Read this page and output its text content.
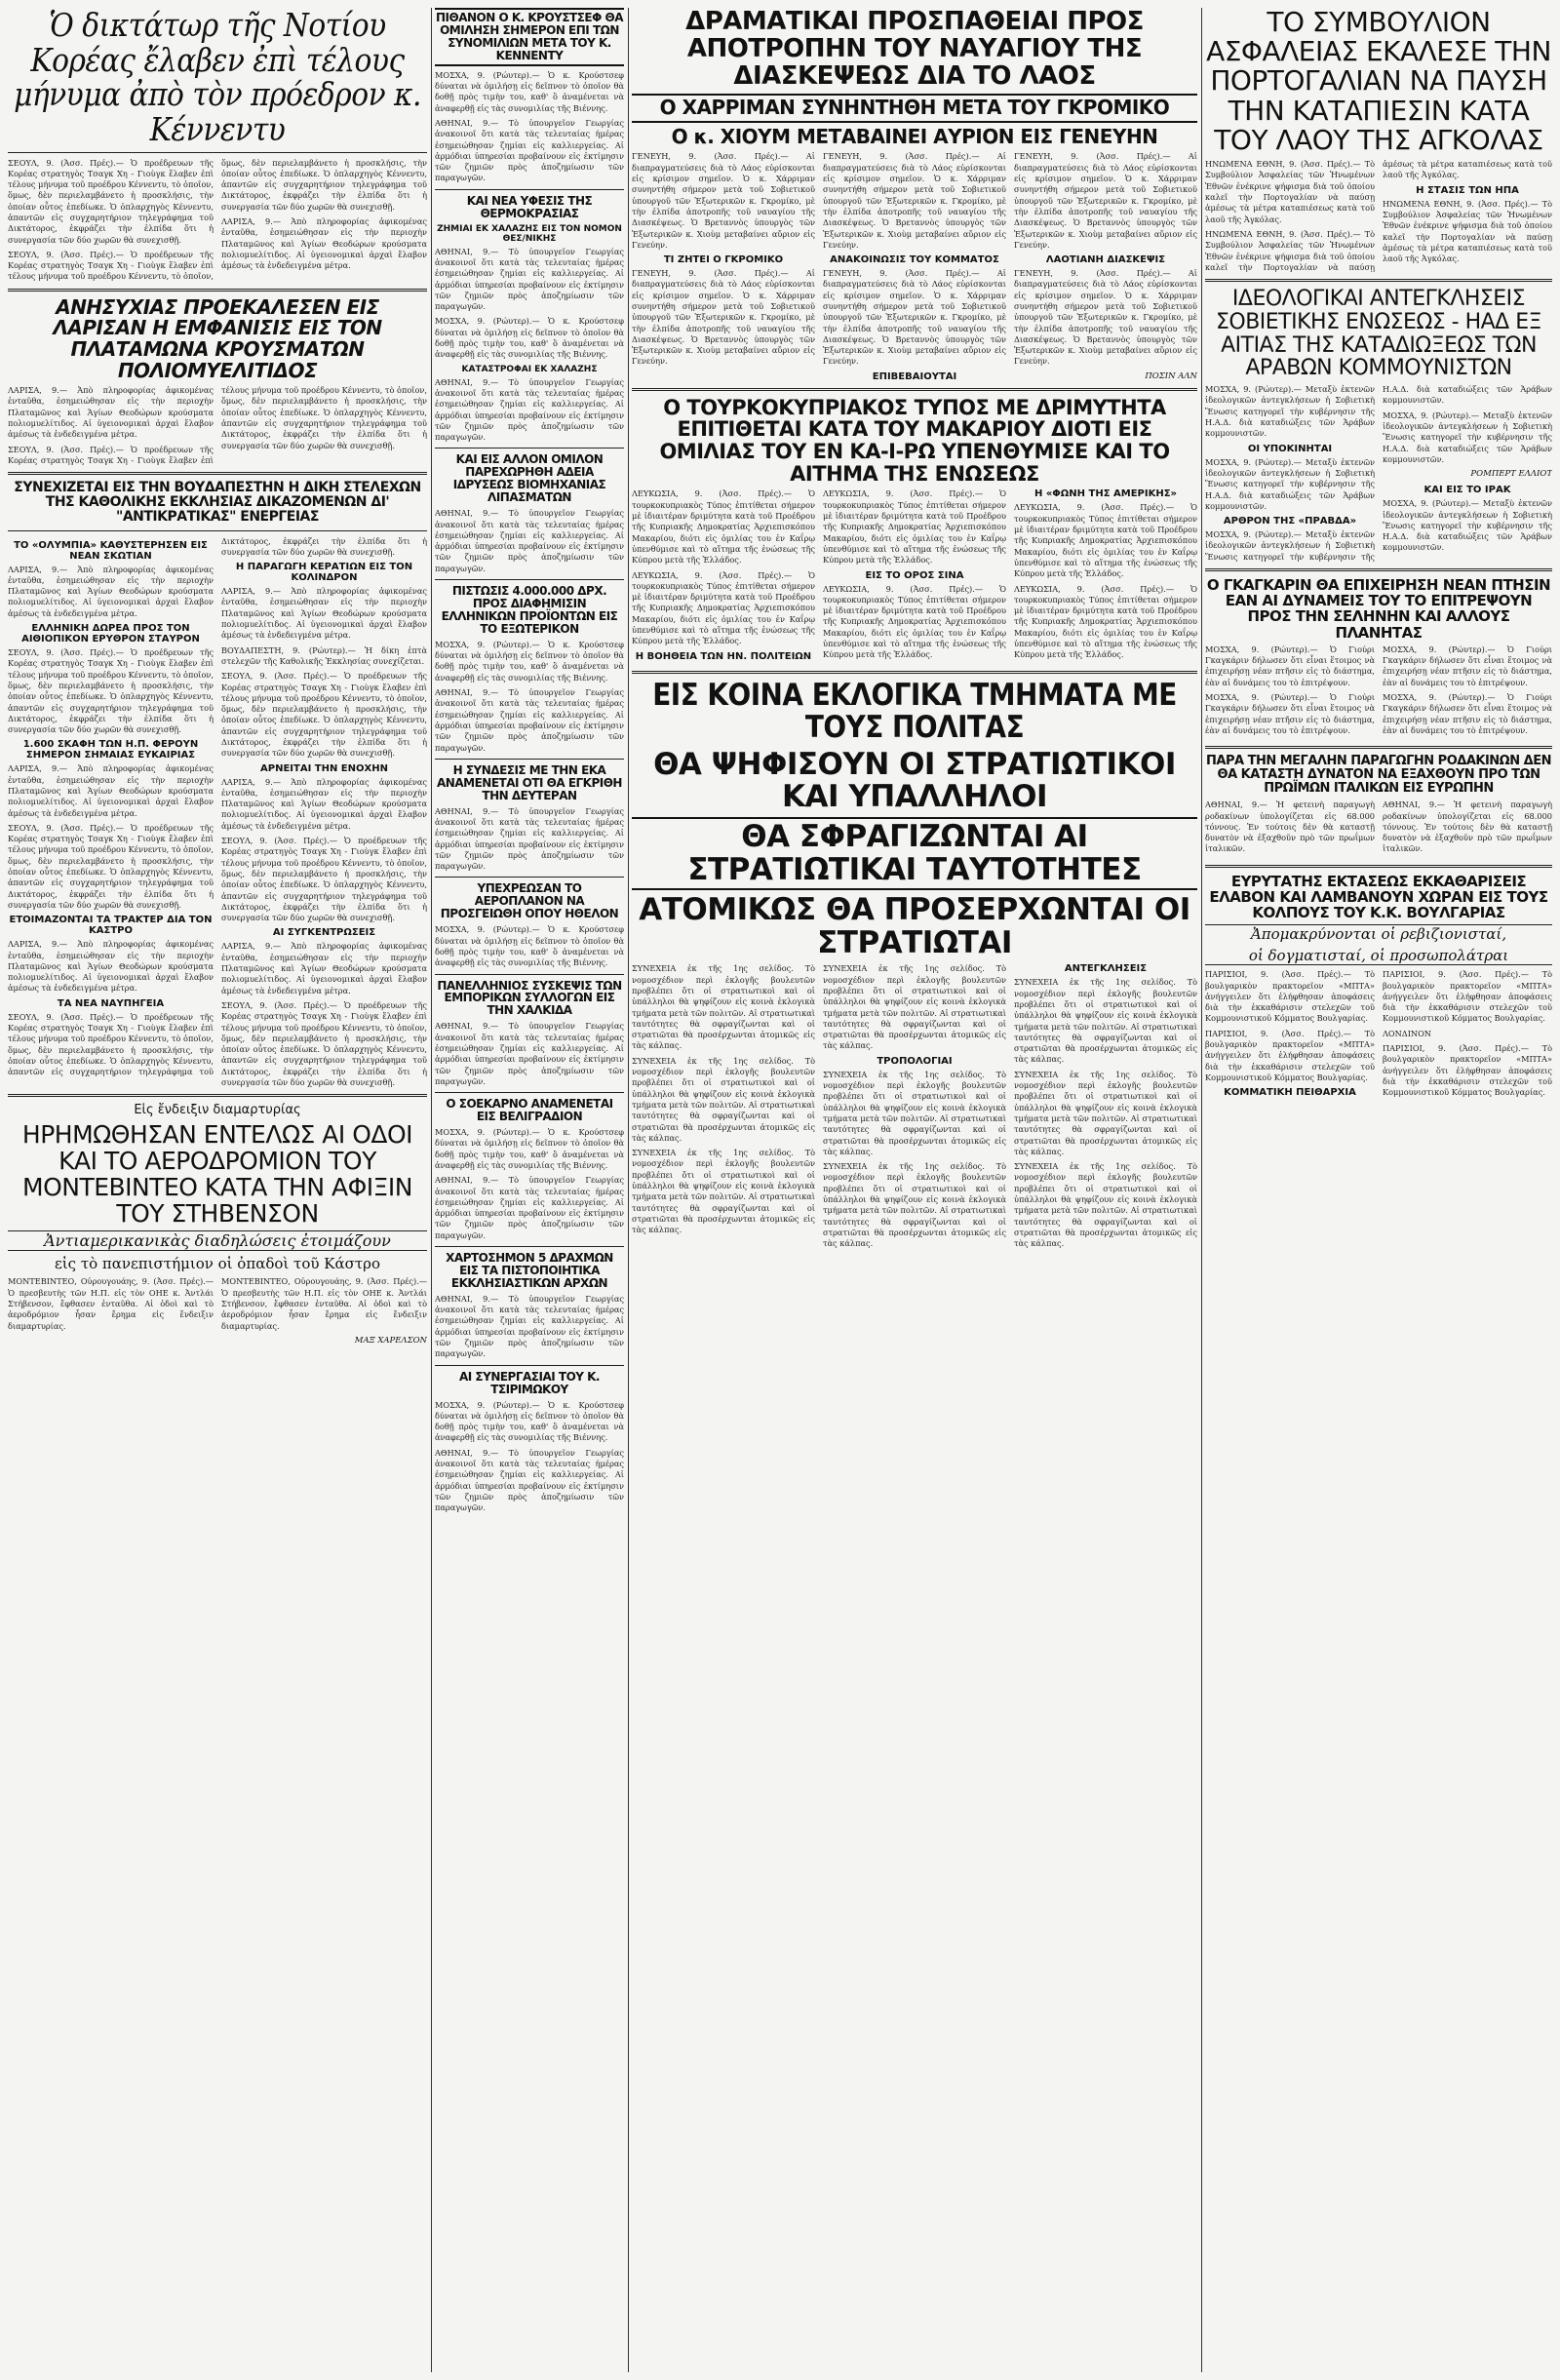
Ὁ δικτάτωρ τῆς Νοτίου Κορέας ἔλαβεν ἐπὶ τέλους μήνυμα ἀπὸ τὸν πρόεδρον κ. Κέννεντυ

ΣΕΟΥΛ, 9. (Ἀσσ. Πρές).— Ὁ προέδρευων τῆς Κορέας στρατηγὸς Τσαγκ Χη - Γιοὺγκ ἔλαβεν ἐπὶ τέλους μήνυμα τοῦ προέδρου Κέννεντυ, τὸ ὁποῖον, ὅμως, δὲν περιελαμβάνετο ἡ προσκλήσις, τὴν ὁποίαν οὗτος ἐπεδίωκε. Ὁ ὁπλαρχηγὸς Κέννεντυ, ἀπαντῶν εἰς συγχαρητήριον τηλεγράφημα τοῦ Δικτάτορος, ἐκφράζει τὴν ἐλπίδα ὅτι ἡ συνεργασία τῶν δύο χωρῶν θὰ συνεχισθῇ.

ΣΕΟΥΛ, 9. (Ἀσσ. Πρές).— Ὁ προέδρευων τῆς Κορέας στρατηγὸς Τσαγκ Χη - Γιοὺγκ ἔλαβεν ἐπὶ τέλους μήνυμα τοῦ προέδρου Κέννεντυ, τὸ ὁποῖον, ὅμως, δὲν περιελαμβάνετο ἡ προσκλήσις, τὴν ὁποίαν οὗτος ἐπεδίωκε. Ὁ ὁπλαρχηγὸς Κέννεντυ, ἀπαντῶν εἰς συγχαρητήριον τηλεγράφημα τοῦ Δικτάτορος, ἐκφράζει τὴν ἐλπίδα ὅτι ἡ συνεργασία τῶν δύο χωρῶν θὰ συνεχισθῇ.

ΛΑΡΙΣΑ, 9.— Ἀπὸ πληροφορίας ἀφικομένας ἐνταῦθα, ἐσημειώθησαν εἰς τὴν περιοχὴν Πλαταμῶνος καὶ Ἁγίων Θεοδώρων κρούσματα πολιομυελίτιδος. Αἱ ὑγειονομικαὶ ἀρχαὶ ἔλαβον ἀμέσως τὰ ἐνδεδειγμένα μέτρα.

ΑΝΗΣΥΧΙΑΣ ΠΡΟΕΚΑΛΕΣΕΝ ΕΙΣ ΛΑΡΙΣΑΝ Η ΕΜΦΑΝΙΣΙΣ ΕΙΣ ΤΟΝ ΠΛΑΤΑΜΩΝΑ ΚΡΟΥΣΜΑΤΩΝ ΠΟΛΙΟΜΥΕΛΙΤΙΔΟΣ

ΛΑΡΙΣΑ, 9.— Ἀπὸ πληροφορίας ἀφικομένας ἐνταῦθα, ἐσημειώθησαν εἰς τὴν περιοχὴν Πλαταμῶνος καὶ Ἁγίων Θεοδώρων κρούσματα πολιομυελίτιδος. Αἱ ὑγειονομικαὶ ἀρχαὶ ἔλαβον ἀμέσως τὰ ἐνδεδειγμένα μέτρα.

ΣΕΟΥΛ, 9. (Ἀσσ. Πρές).— Ὁ προέδρευων τῆς Κορέας στρατηγὸς Τσαγκ Χη - Γιοὺγκ ἔλαβεν ἐπὶ τέλους μήνυμα τοῦ προέδρου Κέννεντυ, τὸ ὁποῖον, ὅμως, δὲν περιελαμβάνετο ἡ προσκλήσις, τὴν ὁποίαν οὗτος ἐπεδίωκε. Ὁ ὁπλαρχηγὸς Κέννεντυ, ἀπαντῶν εἰς συγχαρητήριον τηλεγράφημα τοῦ Δικτάτορος, ἐκφράζει τὴν ἐλπίδα ὅτι ἡ συνεργασία τῶν δύο χωρῶν θὰ συνεχισθῇ.

ΣΥΝΕΧΙΖΕΤΑΙ ΕΙΣ ΤΗΝ ΒΟΥΔΑΠΕΣΤΗΝ Η ΔΙΚΗ ΣΤΕΛΕΧΩΝ ΤΗΣ ΚΑΘΟΛΙΚΗΣ ΕΚΚΛΗΣΙΑΣ ΔΙΚΑΖΟΜΕΝΩΝ ΔΙ' "ΑΝΤΙΚΡΑΤΙΚΑΣ" ΕΝΕΡΓΕΙΑΣ
ΤΟ «ΟΛΥΜΠΙΑ» ΚΑΘΥΣΤΕΡΗΣΕΝ ΕΙΣ ΝΕΑΝ ΣΚΩΤΙΑΝ

ΛΑΡΙΣΑ, 9.— Ἀπὸ πληροφορίας ἀφικομένας ἐνταῦθα, ἐσημειώθησαν εἰς τὴν περιοχὴν Πλαταμῶνος καὶ Ἁγίων Θεοδώρων κρούσματα πολιομυελίτιδος. Αἱ ὑγειονομικαὶ ἀρχαὶ ἔλαβον ἀμέσως τὰ ἐνδεδειγμένα μέτρα.

ΕΛΛΗΝΙΚΗ ΔΩΡΕΑ ΠΡΟΣ ΤΟΝ ΑΙΘΙΟΠΙΚΟΝ ΕΡΥΘΡΟΝ ΣΤΑΥΡΟΝ

ΣΕΟΥΛ, 9. (Ἀσσ. Πρές).— Ὁ προέδρευων τῆς Κορέας στρατηγὸς Τσαγκ Χη - Γιοὺγκ ἔλαβεν ἐπὶ τέλους μήνυμα τοῦ προέδρου Κέννεντυ, τὸ ὁποῖον, ὅμως, δὲν περιελαμβάνετο ἡ προσκλήσις, τὴν ὁποίαν οὗτος ἐπεδίωκε. Ὁ ὁπλαρχηγὸς Κέννεντυ, ἀπαντῶν εἰς συγχαρητήριον τηλεγράφημα τοῦ Δικτάτορος, ἐκφράζει τὴν ἐλπίδα ὅτι ἡ συνεργασία τῶν δύο χωρῶν θὰ συνεχισθῇ.

1.600 ΣΚΑΦΗ ΤΩΝ Η.Π. ΦΕΡΟΥΝ ΣΗΜΕΡΟΝ ΣΗΜΑΙΑΣ ΕΥΚΑΙΡΙΑΣ

ΛΑΡΙΣΑ, 9.— Ἀπὸ πληροφορίας ἀφικομένας ἐνταῦθα, ἐσημειώθησαν εἰς τὴν περιοχὴν Πλαταμῶνος καὶ Ἁγίων Θεοδώρων κρούσματα πολιομυελίτιδος. Αἱ ὑγειονομικαὶ ἀρχαὶ ἔλαβον ἀμέσως τὰ ἐνδεδειγμένα μέτρα.

ΣΕΟΥΛ, 9. (Ἀσσ. Πρές).— Ὁ προέδρευων τῆς Κορέας στρατηγὸς Τσαγκ Χη - Γιοὺγκ ἔλαβεν ἐπὶ τέλους μήνυμα τοῦ προέδρου Κέννεντυ, τὸ ὁποῖον, ὅμως, δὲν περιελαμβάνετο ἡ προσκλήσις, τὴν ὁποίαν οὗτος ἐπεδίωκε. Ὁ ὁπλαρχηγὸς Κέννεντυ, ἀπαντῶν εἰς συγχαρητήριον τηλεγράφημα τοῦ Δικτάτορος, ἐκφράζει τὴν ἐλπίδα ὅτι ἡ συνεργασία τῶν δύο χωρῶν θὰ συνεχισθῇ.

ΕΤΟΙΜΑΖΟΝΤΑΙ ΤΑ ΤΡΑΚΤΕΡ ΔΙΑ ΤΟΝ ΚΑΣΤΡΟ

ΛΑΡΙΣΑ, 9.— Ἀπὸ πληροφορίας ἀφικομένας ἐνταῦθα, ἐσημειώθησαν εἰς τὴν περιοχὴν Πλαταμῶνος καὶ Ἁγίων Θεοδώρων κρούσματα πολιομυελίτιδος. Αἱ ὑγειονομικαὶ ἀρχαὶ ἔλαβον ἀμέσως τὰ ἐνδεδειγμένα μέτρα.

ΤΑ ΝΕΑ ΝΑΥΠΗΓΕΙΑ

ΣΕΟΥΛ, 9. (Ἀσσ. Πρές).— Ὁ προέδρευων τῆς Κορέας στρατηγὸς Τσαγκ Χη - Γιοὺγκ ἔλαβεν ἐπὶ τέλους μήνυμα τοῦ προέδρου Κέννεντυ, τὸ ὁποῖον, ὅμως, δὲν περιελαμβάνετο ἡ προσκλήσις, τὴν ὁποίαν οὗτος ἐπεδίωκε. Ὁ ὁπλαρχηγὸς Κέννεντυ, ἀπαντῶν εἰς συγχαρητήριον τηλεγράφημα τοῦ Δικτάτορος, ἐκφράζει τὴν ἐλπίδα ὅτι ἡ συνεργασία τῶν δύο χωρῶν θὰ συνεχισθῇ.

Η ΠΑΡΑΓΩΓΗ ΚΕΡΑΤΙΩΝ ΕΙΣ ΤΟΝ ΚΟΛΙΝΔΡΟΝ

ΛΑΡΙΣΑ, 9.— Ἀπὸ πληροφορίας ἀφικομένας ἐνταῦθα, ἐσημειώθησαν εἰς τὴν περιοχὴν Πλαταμῶνος καὶ Ἁγίων Θεοδώρων κρούσματα πολιομυελίτιδος. Αἱ ὑγειονομικαὶ ἀρχαὶ ἔλαβον ἀμέσως τὰ ἐνδεδειγμένα μέτρα.

ΒΟΥΔΑΠΕΣΤΗ, 9. (Ρώυτερ).— Ἡ δίκη ἐπτὰ στελεχῶν τῆς Καθολικῆς Ἐκκλησίας συνεχίζεται.

ΣΕΟΥΛ, 9. (Ἀσσ. Πρές).— Ὁ προέδρευων τῆς Κορέας στρατηγὸς Τσαγκ Χη - Γιοὺγκ ἔλαβεν ἐπὶ τέλους μήνυμα τοῦ προέδρου Κέννεντυ, τὸ ὁποῖον, ὅμως, δὲν περιελαμβάνετο ἡ προσκλήσις, τὴν ὁποίαν οὗτος ἐπεδίωκε. Ὁ ὁπλαρχηγὸς Κέννεντυ, ἀπαντῶν εἰς συγχαρητήριον τηλεγράφημα τοῦ Δικτάτορος, ἐκφράζει τὴν ἐλπίδα ὅτι ἡ συνεργασία τῶν δύο χωρῶν θὰ συνεχισθῇ.

ΑΡΝΕΙΤΑΙ ΤΗΝ ΕΝΟΧΗΝ

ΛΑΡΙΣΑ, 9.— Ἀπὸ πληροφορίας ἀφικομένας ἐνταῦθα, ἐσημειώθησαν εἰς τὴν περιοχὴν Πλαταμῶνος καὶ Ἁγίων Θεοδώρων κρούσματα πολιομυελίτιδος. Αἱ ὑγειονομικαὶ ἀρχαὶ ἔλαβον ἀμέσως τὰ ἐνδεδειγμένα μέτρα.

ΣΕΟΥΛ, 9. (Ἀσσ. Πρές).— Ὁ προέδρευων τῆς Κορέας στρατηγὸς Τσαγκ Χη - Γιοὺγκ ἔλαβεν ἐπὶ τέλους μήνυμα τοῦ προέδρου Κέννεντυ, τὸ ὁποῖον, ὅμως, δὲν περιελαμβάνετο ἡ προσκλήσις, τὴν ὁποίαν οὗτος ἐπεδίωκε. Ὁ ὁπλαρχηγὸς Κέννεντυ, ἀπαντῶν εἰς συγχαρητήριον τηλεγράφημα τοῦ Δικτάτορος, ἐκφράζει τὴν ἐλπίδα ὅτι ἡ συνεργασία τῶν δύο χωρῶν θὰ συνεχισθῇ.

ΑΙ ΣΥΓΚΕΝΤΡΩΣΕΙΣ

ΛΑΡΙΣΑ, 9.— Ἀπὸ πληροφορίας ἀφικομένας ἐνταῦθα, ἐσημειώθησαν εἰς τὴν περιοχὴν Πλαταμῶνος καὶ Ἁγίων Θεοδώρων κρούσματα πολιομυελίτιδος. Αἱ ὑγειονομικαὶ ἀρχαὶ ἔλαβον ἀμέσως τὰ ἐνδεδειγμένα μέτρα.

ΣΕΟΥΛ, 9. (Ἀσσ. Πρές).— Ὁ προέδρευων τῆς Κορέας στρατηγὸς Τσαγκ Χη - Γιοὺγκ ἔλαβεν ἐπὶ τέλους μήνυμα τοῦ προέδρου Κέννεντυ, τὸ ὁποῖον, ὅμως, δὲν περιελαμβάνετο ἡ προσκλήσις, τὴν ὁποίαν οὗτος ἐπεδίωκε. Ὁ ὁπλαρχηγὸς Κέννεντυ, ἀπαντῶν εἰς συγχαρητήριον τηλεγράφημα τοῦ Δικτάτορος, ἐκφράζει τὴν ἐλπίδα ὅτι ἡ συνεργασία τῶν δύο χωρῶν θὰ συνεχισθῇ.

Εἰς ἔνδειξιν διαμαρτυρίας
ΗΡΗΜΩΘΗΣΑΝ ΕΝΤΕΛΩΣ ΑΙ ΟΔΟΙ ΚΑΙ ΤΟ ΑΕΡΟΔΡΟΜΙΟΝ ΤΟΥ ΜΟΝΤΕΒΙΝΤΕΟ ΚΑΤΑ ΤΗΝ ΑΦΙΞΙΝ ΤΟΥ ΣΤΗΒΕΝΣΟΝ
Ἀντιαμερικανικὰς διαδηλώσεις ἐτοιμάζουν
εἰς τὸ πανεπιστήμιον οἱ ὀπαδοὶ τοῦ Κάστρο

ΜΟΝΤΕΒΙΝΤΕΟ, Οὐρουγουάης, 9. (Ἀσσ. Πρές).— Ὁ πρεσβευτὴς τῶν Η.Π. εἰς τὸν ΟΗΕ κ. Ἀντλάι Στήβενσον, ἔφθασεν ἐνταῦθα. Αἱ ὁδοὶ καὶ τὸ ἀεροδρόμιον ἦσαν ἔρημα εἰς ἔνδειξιν διαμαρτυρίας.

ΜΟΝΤΕΒΙΝΤΕΟ, Οὐρουγουάης, 9. (Ἀσσ. Πρές).— Ὁ πρεσβευτὴς τῶν Η.Π. εἰς τὸν ΟΗΕ κ. Ἀντλάι Στήβενσον, ἔφθασεν ἐνταῦθα. Αἱ ὁδοὶ καὶ τὸ ἀεροδρόμιον ἦσαν ἔρημα εἰς ἔνδειξιν διαμαρτυρίας.

ΜΑΞ ΧΑΡΕΛΣΟΝ
ΠΙΘΑΝΟΝ Ο Κ. ΚΡΟΥΣΤΣΕΦ ΘΑ ΟΜΙΛΗΣΗ ΣΗΜΕΡΟΝ ΕΠΙ ΤΩΝ ΣΥΝΟΜΙΛΙΩΝ ΜΕΤΑ ΤΟΥ Κ. ΚΕΝΝΕΝΤΥ

ΜΟΣΧΑ, 9. (Ρώυτερ).— Ὁ κ. Κρούστσεφ δύναται νὰ ὁμιλήσῃ εἰς δεῖπνον τὸ ὁποῖον θὰ δοθῇ πρὸς τιμὴν του, καθ' ὃ ἀναμένεται νὰ ἀναφερθῇ εἰς τὰς συνομιλίας τῆς Βιέννης.

ΑΘΗΝΑΙ, 9.— Τὸ ὑπουργεῖον Γεωργίας ἀνακοινοῖ ὅτι κατὰ τὰς τελευταίας ἡμέρας ἐσημειώθησαν ζημίαι εἰς καλλιεργείας. Αἱ ἁρμόδιαι ὑπηρεσίαι προβαίνουν εἰς ἐκτίμησιν τῶν ζημιῶν πρὸς ἀποζημίωσιν τῶν παραγωγῶν.

ΚΑΙ ΝΕΑ ΥΦΕΣΙΣ ΤΗΣ ΘΕΡΜΟΚΡΑΣΙΑΣ
ΖΗΜΙΑΙ ΕΚ ΧΑΛΑΖΗΣ ΕΙΣ ΤΟΝ ΝΟΜΟΝ ΘΕΣ/ΝΙΚΗΣ

ΑΘΗΝΑΙ, 9.— Τὸ ὑπουργεῖον Γεωργίας ἀνακοινοῖ ὅτι κατὰ τὰς τελευταίας ἡμέρας ἐσημειώθησαν ζημίαι εἰς καλλιεργείας. Αἱ ἁρμόδιαι ὑπηρεσίαι προβαίνουν εἰς ἐκτίμησιν τῶν ζημιῶν πρὸς ἀποζημίωσιν τῶν παραγωγῶν.

ΜΟΣΧΑ, 9. (Ρώυτερ).— Ὁ κ. Κρούστσεφ δύναται νὰ ὁμιλήσῃ εἰς δεῖπνον τὸ ὁποῖον θὰ δοθῇ πρὸς τιμὴν του, καθ' ὃ ἀναμένεται νὰ ἀναφερθῇ εἰς τὰς συνομιλίας τῆς Βιέννης.

ΚΑΤΑΣΤΡΟΦΑΙ ΕΚ ΧΑΛΑΖΗΣ

ΑΘΗΝΑΙ, 9.— Τὸ ὑπουργεῖον Γεωργίας ἀνακοινοῖ ὅτι κατὰ τὰς τελευταίας ἡμέρας ἐσημειώθησαν ζημίαι εἰς καλλιεργείας. Αἱ ἁρμόδιαι ὑπηρεσίαι προβαίνουν εἰς ἐκτίμησιν τῶν ζημιῶν πρὸς ἀποζημίωσιν τῶν παραγωγῶν.

ΚΑΙ ΕΙΣ ΑΛΛΟΝ ΟΜΙΛΟΝ ΠΑΡΕΧΩΡΗΘΗ ΑΔΕΙΑ ΙΔΡΥΣΕΩΣ ΒΙΟΜΗΧΑΝΙΑΣ ΛΙΠΑΣΜΑΤΩΝ

ΑΘΗΝΑΙ, 9.— Τὸ ὑπουργεῖον Γεωργίας ἀνακοινοῖ ὅτι κατὰ τὰς τελευταίας ἡμέρας ἐσημειώθησαν ζημίαι εἰς καλλιεργείας. Αἱ ἁρμόδιαι ὑπηρεσίαι προβαίνουν εἰς ἐκτίμησιν τῶν ζημιῶν πρὸς ἀποζημίωσιν τῶν παραγωγῶν.

ΠΙΣΤΩΣΙΣ 4.000.000 ΔΡΧ. ΠΡΟΣ ΔΙΑΦΗΜΙΣΙΝ ΕΛΛΗΝΙΚΩΝ ΠΡΟΪΟΝΤΩΝ ΕΙΣ ΤΟ ΕΞΩΤΕΡΙΚΟΝ

ΜΟΣΧΑ, 9. (Ρώυτερ).— Ὁ κ. Κρούστσεφ δύναται νὰ ὁμιλήσῃ εἰς δεῖπνον τὸ ὁποῖον θὰ δοθῇ πρὸς τιμὴν του, καθ' ὃ ἀναμένεται νὰ ἀναφερθῇ εἰς τὰς συνομιλίας τῆς Βιέννης.

ΑΘΗΝΑΙ, 9.— Τὸ ὑπουργεῖον Γεωργίας ἀνακοινοῖ ὅτι κατὰ τὰς τελευταίας ἡμέρας ἐσημειώθησαν ζημίαι εἰς καλλιεργείας. Αἱ ἁρμόδιαι ὑπηρεσίαι προβαίνουν εἰς ἐκτίμησιν τῶν ζημιῶν πρὸς ἀποζημίωσιν τῶν παραγωγῶν.

Η ΣΥΝΔΕΣΙΣ ΜΕ ΤΗΝ ΕΚΑ ΑΝΑΜΕΝΕΤΑΙ ΟΤΙ ΘΑ ΕΓΚΡΙΘΗ ΤΗΝ ΔΕΥΤΕΡΑΝ

ΑΘΗΝΑΙ, 9.— Τὸ ὑπουργεῖον Γεωργίας ἀνακοινοῖ ὅτι κατὰ τὰς τελευταίας ἡμέρας ἐσημειώθησαν ζημίαι εἰς καλλιεργείας. Αἱ ἁρμόδιαι ὑπηρεσίαι προβαίνουν εἰς ἐκτίμησιν τῶν ζημιῶν πρὸς ἀποζημίωσιν τῶν παραγωγῶν.

ΥΠΕΧΡΕΩΣΑΝ ΤΟ ΑΕΡΟΠΛΑΝΟΝ ΝΑ ΠΡΟΣΓΕΙΩΘΗ ΟΠΟΥ ΗΘΕΛΟΝ

ΜΟΣΧΑ, 9. (Ρώυτερ).— Ὁ κ. Κρούστσεφ δύναται νὰ ὁμιλήσῃ εἰς δεῖπνον τὸ ὁποῖον θὰ δοθῇ πρὸς τιμὴν του, καθ' ὃ ἀναμένεται νὰ ἀναφερθῇ εἰς τὰς συνομιλίας τῆς Βιέννης.

ΠΑΝΕΛΛΗΝΙΟΣ ΣΥΣΚΕΨΙΣ ΤΩΝ ΕΜΠΟΡΙΚΩΝ ΣΥΛΛΟΓΩΝ ΕΙΣ ΤΗΝ ΧΑΛΚΙΔΑ

ΑΘΗΝΑΙ, 9.— Τὸ ὑπουργεῖον Γεωργίας ἀνακοινοῖ ὅτι κατὰ τὰς τελευταίας ἡμέρας ἐσημειώθησαν ζημίαι εἰς καλλιεργείας. Αἱ ἁρμόδιαι ὑπηρεσίαι προβαίνουν εἰς ἐκτίμησιν τῶν ζημιῶν πρὸς ἀποζημίωσιν τῶν παραγωγῶν.

Ο ΣΟΕΚΑΡΝΟ ΑΝΑΜΕΝΕΤΑΙ ΕΙΣ ΒΕΛΙΓΡΑΔΙΟΝ

ΜΟΣΧΑ, 9. (Ρώυτερ).— Ὁ κ. Κρούστσεφ δύναται νὰ ὁμιλήσῃ εἰς δεῖπνον τὸ ὁποῖον θὰ δοθῇ πρὸς τιμὴν του, καθ' ὃ ἀναμένεται νὰ ἀναφερθῇ εἰς τὰς συνομιλίας τῆς Βιέννης.

ΑΘΗΝΑΙ, 9.— Τὸ ὑπουργεῖον Γεωργίας ἀνακοινοῖ ὅτι κατὰ τὰς τελευταίας ἡμέρας ἐσημειώθησαν ζημίαι εἰς καλλιεργείας. Αἱ ἁρμόδιαι ὑπηρεσίαι προβαίνουν εἰς ἐκτίμησιν τῶν ζημιῶν πρὸς ἀποζημίωσιν τῶν παραγωγῶν.

ΧΑΡΤΟΣΗΜΟΝ 5 ΔΡΑΧΜΩΝ ΕΙΣ ΤΑ ΠΙΣΤΟΠΟΙΗΤΙΚΑ ΕΚΚΛΗΣΙΑΣΤΙΚΩΝ ΑΡΧΩΝ

ΑΘΗΝΑΙ, 9.— Τὸ ὑπουργεῖον Γεωργίας ἀνακοινοῖ ὅτι κατὰ τὰς τελευταίας ἡμέρας ἐσημειώθησαν ζημίαι εἰς καλλιεργείας. Αἱ ἁρμόδιαι ὑπηρεσίαι προβαίνουν εἰς ἐκτίμησιν τῶν ζημιῶν πρὸς ἀποζημίωσιν τῶν παραγωγῶν.

ΑΙ ΣΥΝΕΡΓΑΣΙΑΙ ΤΟΥ Κ. ΤΣΙΡΙΜΩΚΟΥ

ΜΟΣΧΑ, 9. (Ρώυτερ).— Ὁ κ. Κρούστσεφ δύναται νὰ ὁμιλήσῃ εἰς δεῖπνον τὸ ὁποῖον θὰ δοθῇ πρὸς τιμὴν του, καθ' ὃ ἀναμένεται νὰ ἀναφερθῇ εἰς τὰς συνομιλίας τῆς Βιέννης.

ΑΘΗΝΑΙ, 9.— Τὸ ὑπουργεῖον Γεωργίας ἀνακοινοῖ ὅτι κατὰ τὰς τελευταίας ἡμέρας ἐσημειώθησαν ζημίαι εἰς καλλιεργείας. Αἱ ἁρμόδιαι ὑπηρεσίαι προβαίνουν εἰς ἐκτίμησιν τῶν ζημιῶν πρὸς ἀποζημίωσιν τῶν παραγωγῶν.

ΔΡΑΜΑΤΙΚΑΙ ΠΡΟΣΠΑΘΕΙΑΙ ΠΡΟΣ ΑΠΟΤΡΟΠΗΝ ΤΟΥ ΝΑΥΑΓΙΟΥ ΤΗΣ ΔΙΑΣΚΕΨΕΩΣ ΔΙΑ ΤΟ ΛΑΟΣ
Ο ΧΑΡΡΙΜΑΝ ΣΥΝΗΝΤΗΘΗ ΜΕΤΑ ΤΟΥ ΓΚΡΟΜΙΚΟ
Ο κ. ΧΙΟΥΜ ΜΕΤΑΒΑΙΝΕΙ ΑΥΡΙΟΝ ΕΙΣ ΓΕΝΕΥΗΝ

ΓΕΝΕΥΗ, 9. (Ἀσσ. Πρές).— Αἱ διαπραγματεύσεις διὰ τὸ Λάος εὑρίσκονται εἰς κρίσιμον σημεῖον. Ὁ κ. Χάρριμαν συνηντήθη σήμερον μετὰ τοῦ Σοβιετικοῦ ὑπουργοῦ τῶν Ἐξωτερικῶν κ. Γκρομίκο, μὲ τὴν ἐλπίδα ἀποτροπῆς τοῦ ναυαγίου τῆς Διασκέψεως. Ὁ Βρεταννὸς ὑπουργὸς τῶν Ἐξωτερικῶν κ. Χιοὺμ μεταβαίνει αὔριον εἰς Γενεύην.

ΤΙ ΖΗΤΕΙ Ο ΓΚΡΟΜΙΚΟ

ΓΕΝΕΥΗ, 9. (Ἀσσ. Πρές).— Αἱ διαπραγματεύσεις διὰ τὸ Λάος εὑρίσκονται εἰς κρίσιμον σημεῖον. Ὁ κ. Χάρριμαν συνηντήθη σήμερον μετὰ τοῦ Σοβιετικοῦ ὑπουργοῦ τῶν Ἐξωτερικῶν κ. Γκρομίκο, μὲ τὴν ἐλπίδα ἀποτροπῆς τοῦ ναυαγίου τῆς Διασκέψεως. Ὁ Βρεταννὸς ὑπουργὸς τῶν Ἐξωτερικῶν κ. Χιοὺμ μεταβαίνει αὔριον εἰς Γενεύην.

ΓΕΝΕΥΗ, 9. (Ἀσσ. Πρές).— Αἱ διαπραγματεύσεις διὰ τὸ Λάος εὑρίσκονται εἰς κρίσιμον σημεῖον. Ὁ κ. Χάρριμαν συνηντήθη σήμερον μετὰ τοῦ Σοβιετικοῦ ὑπουργοῦ τῶν Ἐξωτερικῶν κ. Γκρομίκο, μὲ τὴν ἐλπίδα ἀποτροπῆς τοῦ ναυαγίου τῆς Διασκέψεως. Ὁ Βρεταννὸς ὑπουργὸς τῶν Ἐξωτερικῶν κ. Χιοὺμ μεταβαίνει αὔριον εἰς Γενεύην.

ΑΝΑΚΟΙΝΩΣΙΣ ΤΟΥ ΚΟΜΜΑΤΟΣ

ΓΕΝΕΥΗ, 9. (Ἀσσ. Πρές).— Αἱ διαπραγματεύσεις διὰ τὸ Λάος εὑρίσκονται εἰς κρίσιμον σημεῖον. Ὁ κ. Χάρριμαν συνηντήθη σήμερον μετὰ τοῦ Σοβιετικοῦ ὑπουργοῦ τῶν Ἐξωτερικῶν κ. Γκρομίκο, μὲ τὴν ἐλπίδα ἀποτροπῆς τοῦ ναυαγίου τῆς Διασκέψεως. Ὁ Βρεταννὸς ὑπουργὸς τῶν Ἐξωτερικῶν κ. Χιοὺμ μεταβαίνει αὔριον εἰς Γενεύην.

ΕΠΙΒΕΒΑΙΟΥΤΑΙ

ΓΕΝΕΥΗ, 9. (Ἀσσ. Πρές).— Αἱ διαπραγματεύσεις διὰ τὸ Λάος εὑρίσκονται εἰς κρίσιμον σημεῖον. Ὁ κ. Χάρριμαν συνηντήθη σήμερον μετὰ τοῦ Σοβιετικοῦ ὑπουργοῦ τῶν Ἐξωτερικῶν κ. Γκρομίκο, μὲ τὴν ἐλπίδα ἀποτροπῆς τοῦ ναυαγίου τῆς Διασκέψεως. Ὁ Βρεταννὸς ὑπουργὸς τῶν Ἐξωτερικῶν κ. Χιοὺμ μεταβαίνει αὔριον εἰς Γενεύην.

ΛΑΟΤΙΑΝΗ ΔΙΑΣΚΕΨΙΣ

ΓΕΝΕΥΗ, 9. (Ἀσσ. Πρές).— Αἱ διαπραγματεύσεις διὰ τὸ Λάος εὑρίσκονται εἰς κρίσιμον σημεῖον. Ὁ κ. Χάρριμαν συνηντήθη σήμερον μετὰ τοῦ Σοβιετικοῦ ὑπουργοῦ τῶν Ἐξωτερικῶν κ. Γκρομίκο, μὲ τὴν ἐλπίδα ἀποτροπῆς τοῦ ναυαγίου τῆς Διασκέψεως. Ὁ Βρεταννὸς ὑπουργὸς τῶν Ἐξωτερικῶν κ. Χιοὺμ μεταβαίνει αὔριον εἰς Γενεύην.

ΠΟΣΙΝ ΑΛΝ
Ο ΤΟΥΡΚΟΚΥΠΡΙΑΚΟΣ ΤΥΠΟΣ ΜΕ ΔΡΙΜΥΤΗΤΑ ΕΠΙΤΙΘΕΤΑΙ ΚΑΤΑ ΤΟΥ ΜΑΚΑΡΙΟΥ ΔΙΟΤΙ ΕΙΣ ΟΜΙΛΙΑΣ ΤΟΥ ΕΝ ΚΑ-Ι-ΡΩ ΥΠΕΝΘΥΜΙΣΕ ΚΑΙ ΤΟ ΑΙΤΗΜΑ ΤΗΣ ΕΝΩΣΕΩΣ

ΛΕΥΚΩΣΙΑ, 9. (Ἀσσ. Πρές).— Ὁ τουρκοκυπριακὸς Τύπος ἐπιτίθεται σήμερον μὲ ἰδιαιτέραν δριμύτητα κατὰ τοῦ Προέδρου τῆς Κυπριακῆς Δημοκρατίας Ἀρχιεπισκόπου Μακαρίου, διότι εἰς ὁμιλίας του ἐν Καΐρῳ ὑπενθύμισε καὶ τὸ αἴτημα τῆς ἑνώσεως τῆς Κύπρου μετὰ τῆς Ἑλλάδος.

ΛΕΥΚΩΣΙΑ, 9. (Ἀσσ. Πρές).— Ὁ τουρκοκυπριακὸς Τύπος ἐπιτίθεται σήμερον μὲ ἰδιαιτέραν δριμύτητα κατὰ τοῦ Προέδρου τῆς Κυπριακῆς Δημοκρατίας Ἀρχιεπισκόπου Μακαρίου, διότι εἰς ὁμιλίας του ἐν Καΐρῳ ὑπενθύμισε καὶ τὸ αἴτημα τῆς ἑνώσεως τῆς Κύπρου μετὰ τῆς Ἑλλάδος.

Η ΒΟΗΘΕΙΑ ΤΩΝ ΗΝ. ΠΟΛΙΤΕΙΩΝ

ΛΕΥΚΩΣΙΑ, 9. (Ἀσσ. Πρές).— Ὁ τουρκοκυπριακὸς Τύπος ἐπιτίθεται σήμερον μὲ ἰδιαιτέραν δριμύτητα κατὰ τοῦ Προέδρου τῆς Κυπριακῆς Δημοκρατίας Ἀρχιεπισκόπου Μακαρίου, διότι εἰς ὁμιλίας του ἐν Καΐρῳ ὑπενθύμισε καὶ τὸ αἴτημα τῆς ἑνώσεως τῆς Κύπρου μετὰ τῆς Ἑλλάδος.

ΕΙΣ ΤΟ ΟΡΟΣ ΣΙΝΑ

ΛΕΥΚΩΣΙΑ, 9. (Ἀσσ. Πρές).— Ὁ τουρκοκυπριακὸς Τύπος ἐπιτίθεται σήμερον μὲ ἰδιαιτέραν δριμύτητα κατὰ τοῦ Προέδρου τῆς Κυπριακῆς Δημοκρατίας Ἀρχιεπισκόπου Μακαρίου, διότι εἰς ὁμιλίας του ἐν Καΐρῳ ὑπενθύμισε καὶ τὸ αἴτημα τῆς ἑνώσεως τῆς Κύπρου μετὰ τῆς Ἑλλάδος.

Η «ΦΩΝΗ ΤΗΣ ΑΜΕΡΙΚΗΣ»

ΛΕΥΚΩΣΙΑ, 9. (Ἀσσ. Πρές).— Ὁ τουρκοκυπριακὸς Τύπος ἐπιτίθεται σήμερον μὲ ἰδιαιτέραν δριμύτητα κατὰ τοῦ Προέδρου τῆς Κυπριακῆς Δημοκρατίας Ἀρχιεπισκόπου Μακαρίου, διότι εἰς ὁμιλίας του ἐν Καΐρῳ ὑπενθύμισε καὶ τὸ αἴτημα τῆς ἑνώσεως τῆς Κύπρου μετὰ τῆς Ἑλλάδος.

ΛΕΥΚΩΣΙΑ, 9. (Ἀσσ. Πρές).— Ὁ τουρκοκυπριακὸς Τύπος ἐπιτίθεται σήμερον μὲ ἰδιαιτέραν δριμύτητα κατὰ τοῦ Προέδρου τῆς Κυπριακῆς Δημοκρατίας Ἀρχιεπισκόπου Μακαρίου, διότι εἰς ὁμιλίας του ἐν Καΐρῳ ὑπενθύμισε καὶ τὸ αἴτημα τῆς ἑνώσεως τῆς Κύπρου μετὰ τῆς Ἑλλάδος.

ΕΙΣ ΚΟΙΝΑ ΕΚΛΟΓΙΚΑ ΤΜΗΜΑΤΑ ΜΕ ΤΟΥΣ ΠΟΛΙΤΑΣ
ΘΑ ΨΗΦΙΣΟΥΝ ΟΙ ΣΤΡΑΤΙΩΤΙΚΟΙ ΚΑΙ ΥΠΑΛΛΗΛΟΙ
ΘΑ ΣΦΡΑΓΙΖΩΝΤΑΙ ΑΙ ΣΤΡΑΤΙΩΤΙΚΑΙ ΤΑΥΤΟΤΗΤΕΣ
ΑΤΟΜΙΚΩΣ ΘΑ ΠΡΟΣΕΡΧΩΝΤΑΙ ΟΙ ΣΤΡΑΤΙΩΤΑΙ

ΣΥΝΕΧΕΙΑ ἐκ τῆς 1ης σελίδος. Τὸ νομοσχέδιον περὶ ἐκλογῆς βουλευτῶν προβλέπει ὅτι οἱ στρατιωτικοὶ καὶ οἱ ὑπάλληλοι θὰ ψηφίζουν εἰς κοινὰ ἐκλογικὰ τμήματα μετὰ τῶν πολιτῶν. Αἱ στρατιωτικαὶ ταυτότητες θὰ σφραγίζωνται καὶ οἱ στρατιῶται θὰ προσέρχωνται ἀτομικῶς εἰς τὰς κάλπας.

ΣΥΝΕΧΕΙΑ ἐκ τῆς 1ης σελίδος. Τὸ νομοσχέδιον περὶ ἐκλογῆς βουλευτῶν προβλέπει ὅτι οἱ στρατιωτικοὶ καὶ οἱ ὑπάλληλοι θὰ ψηφίζουν εἰς κοινὰ ἐκλογικὰ τμήματα μετὰ τῶν πολιτῶν. Αἱ στρατιωτικαὶ ταυτότητες θὰ σφραγίζωνται καὶ οἱ στρατιῶται θὰ προσέρχωνται ἀτομικῶς εἰς τὰς κάλπας.

ΣΥΝΕΧΕΙΑ ἐκ τῆς 1ης σελίδος. Τὸ νομοσχέδιον περὶ ἐκλογῆς βουλευτῶν προβλέπει ὅτι οἱ στρατιωτικοὶ καὶ οἱ ὑπάλληλοι θὰ ψηφίζουν εἰς κοινὰ ἐκλογικὰ τμήματα μετὰ τῶν πολιτῶν. Αἱ στρατιωτικαὶ ταυτότητες θὰ σφραγίζωνται καὶ οἱ στρατιῶται θὰ προσέρχωνται ἀτομικῶς εἰς τὰς κάλπας.

ΣΥΝΕΧΕΙΑ ἐκ τῆς 1ης σελίδος. Τὸ νομοσχέδιον περὶ ἐκλογῆς βουλευτῶν προβλέπει ὅτι οἱ στρατιωτικοὶ καὶ οἱ ὑπάλληλοι θὰ ψηφίζουν εἰς κοινὰ ἐκλογικὰ τμήματα μετὰ τῶν πολιτῶν. Αἱ στρατιωτικαὶ ταυτότητες θὰ σφραγίζωνται καὶ οἱ στρατιῶται θὰ προσέρχωνται ἀτομικῶς εἰς τὰς κάλπας.

ΤΡΟΠΟΛΟΓΙΑΙ

ΣΥΝΕΧΕΙΑ ἐκ τῆς 1ης σελίδος. Τὸ νομοσχέδιον περὶ ἐκλογῆς βουλευτῶν προβλέπει ὅτι οἱ στρατιωτικοὶ καὶ οἱ ὑπάλληλοι θὰ ψηφίζουν εἰς κοινὰ ἐκλογικὰ τμήματα μετὰ τῶν πολιτῶν. Αἱ στρατιωτικαὶ ταυτότητες θὰ σφραγίζωνται καὶ οἱ στρατιῶται θὰ προσέρχωνται ἀτομικῶς εἰς τὰς κάλπας.

ΣΥΝΕΧΕΙΑ ἐκ τῆς 1ης σελίδος. Τὸ νομοσχέδιον περὶ ἐκλογῆς βουλευτῶν προβλέπει ὅτι οἱ στρατιωτικοὶ καὶ οἱ ὑπάλληλοι θὰ ψηφίζουν εἰς κοινὰ ἐκλογικὰ τμήματα μετὰ τῶν πολιτῶν. Αἱ στρατιωτικαὶ ταυτότητες θὰ σφραγίζωνται καὶ οἱ στρατιῶται θὰ προσέρχωνται ἀτομικῶς εἰς τὰς κάλπας.

ΑΝΤΕΓΚΛΗΣΕΙΣ

ΣΥΝΕΧΕΙΑ ἐκ τῆς 1ης σελίδος. Τὸ νομοσχέδιον περὶ ἐκλογῆς βουλευτῶν προβλέπει ὅτι οἱ στρατιωτικοὶ καὶ οἱ ὑπάλληλοι θὰ ψηφίζουν εἰς κοινὰ ἐκλογικὰ τμήματα μετὰ τῶν πολιτῶν. Αἱ στρατιωτικαὶ ταυτότητες θὰ σφραγίζωνται καὶ οἱ στρατιῶται θὰ προσέρχωνται ἀτομικῶς εἰς τὰς κάλπας.

ΣΥΝΕΧΕΙΑ ἐκ τῆς 1ης σελίδος. Τὸ νομοσχέδιον περὶ ἐκλογῆς βουλευτῶν προβλέπει ὅτι οἱ στρατιωτικοὶ καὶ οἱ ὑπάλληλοι θὰ ψηφίζουν εἰς κοινὰ ἐκλογικὰ τμήματα μετὰ τῶν πολιτῶν. Αἱ στρατιωτικαὶ ταυτότητες θὰ σφραγίζωνται καὶ οἱ στρατιῶται θὰ προσέρχωνται ἀτομικῶς εἰς τὰς κάλπας.

ΣΥΝΕΧΕΙΑ ἐκ τῆς 1ης σελίδος. Τὸ νομοσχέδιον περὶ ἐκλογῆς βουλευτῶν προβλέπει ὅτι οἱ στρατιωτικοὶ καὶ οἱ ὑπάλληλοι θὰ ψηφίζουν εἰς κοινὰ ἐκλογικὰ τμήματα μετὰ τῶν πολιτῶν. Αἱ στρατιωτικαὶ ταυτότητες θὰ σφραγίζωνται καὶ οἱ στρατιῶται θὰ προσέρχωνται ἀτομικῶς εἰς τὰς κάλπας.

ΤΟ ΣΥΜΒΟΥΛΙΟΝ ΑΣΦΑΛΕΙΑΣ ΕΚΑΛΕΣΕ ΤΗΝ ΠΟΡΤΟΓΑΛΙΑΝ ΝΑ ΠΑΥΣΗ ΤΗΝ ΚΑΤΑΠΙΕΣΙΝ ΚΑΤΑ ΤΟΥ ΛΑΟΥ ΤΗΣ ΑΓΚΟΛΑΣ

ΗΝΩΜΕΝΑ ΕΘΝΗ, 9. (Ἀσσ. Πρές).— Τὸ Συμβούλιον Ἀσφαλείας τῶν Ἡνωμένων Ἐθνῶν ἐνέκρινε ψήφισμα διὰ τοῦ ὁποίου καλεῖ τὴν Πορτογαλίαν νὰ παύσῃ ἀμέσως τὰ μέτρα καταπιέσεως κατὰ τοῦ λαοῦ τῆς Ἀγκόλας.

ΗΝΩΜΕΝΑ ΕΘΝΗ, 9. (Ἀσσ. Πρές).— Τὸ Συμβούλιον Ἀσφαλείας τῶν Ἡνωμένων Ἐθνῶν ἐνέκρινε ψήφισμα διὰ τοῦ ὁποίου καλεῖ τὴν Πορτογαλίαν νὰ παύσῃ ἀμέσως τὰ μέτρα καταπιέσεως κατὰ τοῦ λαοῦ τῆς Ἀγκόλας.

Η ΣΤΑΣΙΣ ΤΩΝ ΗΠΑ

ΗΝΩΜΕΝΑ ΕΘΝΗ, 9. (Ἀσσ. Πρές).— Τὸ Συμβούλιον Ἀσφαλείας τῶν Ἡνωμένων Ἐθνῶν ἐνέκρινε ψήφισμα διὰ τοῦ ὁποίου καλεῖ τὴν Πορτογαλίαν νὰ παύσῃ ἀμέσως τὰ μέτρα καταπιέσεως κατὰ τοῦ λαοῦ τῆς Ἀγκόλας.

ΙΔΕΟΛΟΓΙΚΑΙ ΑΝΤΕΓΚΛΗΣΕΙΣ ΣΟΒΙΕΤΙΚΗΣ ΕΝΩΣΕΩΣ - ΗΑΔ ΕΞ ΑΙΤΙΑΣ ΤΗΣ ΚΑΤΑΔΙΩΞΕΩΣ ΤΩΝ ΑΡΑΒΩΝ ΚΟΜΜΟΥΝΙΣΤΩΝ

ΜΟΣΧΑ, 9. (Ρώυτερ).— Μεταξὺ ἐκτενῶν ἰδεολογικῶν ἀντεγκλήσεων ἡ Σοβιετικὴ Ἕνωσις κατηγορεῖ τὴν κυβέρνησιν τῆς Η.Α.Δ. διὰ καταδιώξεις τῶν Ἀράβων κομμουνιστῶν.

ΟΙ ΥΠΟΚΙΝΗΤΑΙ

ΜΟΣΧΑ, 9. (Ρώυτερ).— Μεταξὺ ἐκτενῶν ἰδεολογικῶν ἀντεγκλήσεων ἡ Σοβιετικὴ Ἕνωσις κατηγορεῖ τὴν κυβέρνησιν τῆς Η.Α.Δ. διὰ καταδιώξεις τῶν Ἀράβων κομμουνιστῶν.

ΑΡΘΡΟΝ ΤΗΣ «ΠΡΑΒΔΑ»

ΜΟΣΧΑ, 9. (Ρώυτερ).— Μεταξὺ ἐκτενῶν ἰδεολογικῶν ἀντεγκλήσεων ἡ Σοβιετικὴ Ἕνωσις κατηγορεῖ τὴν κυβέρνησιν τῆς Η.Α.Δ. διὰ καταδιώξεις τῶν Ἀράβων κομμουνιστῶν.

ΜΟΣΧΑ, 9. (Ρώυτερ).— Μεταξὺ ἐκτενῶν ἰδεολογικῶν ἀντεγκλήσεων ἡ Σοβιετικὴ Ἕνωσις κατηγορεῖ τὴν κυβέρνησιν τῆς Η.Α.Δ. διὰ καταδιώξεις τῶν Ἀράβων κομμουνιστῶν.

ΡΟΜΠΕΡΤ ΕΛΛΙΟΤ
ΚΑΙ ΕΙΣ ΤΟ ΙΡΑΚ

ΜΟΣΧΑ, 9. (Ρώυτερ).— Μεταξὺ ἐκτενῶν ἰδεολογικῶν ἀντεγκλήσεων ἡ Σοβιετικὴ Ἕνωσις κατηγορεῖ τὴν κυβέρνησιν τῆς Η.Α.Δ. διὰ καταδιώξεις τῶν Ἀράβων κομμουνιστῶν.

Ο ΓΚΑΓΚΑΡΙΝ ΘΑ ΕΠΙΧΕΙΡΗΣΗ ΝΕΑΝ ΠΤΗΣΙΝ ΕΑΝ ΑΙ ΔΥΝΑΜΕΙΣ ΤΟΥ ΤΟ ΕΠΙΤΡΕΨΟΥΝ ΠΡΟΣ ΤΗΝ ΣΕΛΗΝΗΝ ΚΑΙ ΑΛΛΟΥΣ ΠΛΑΝΗΤΑΣ

ΜΟΣΧΑ, 9. (Ρώυτερ).— Ὁ Γιούρι Γκαγκάριν δήλωσεν ὅτι εἶναι ἕτοιμος νὰ ἐπιχειρήσῃ νέαν πτῆσιν εἰς τὸ διάστημα, ἐὰν αἱ δυνάμεις του τὸ ἐπιτρέψουν.

ΜΟΣΧΑ, 9. (Ρώυτερ).— Ὁ Γιούρι Γκαγκάριν δήλωσεν ὅτι εἶναι ἕτοιμος νὰ ἐπιχειρήσῃ νέαν πτῆσιν εἰς τὸ διάστημα, ἐὰν αἱ δυνάμεις του τὸ ἐπιτρέψουν.

ΜΟΣΧΑ, 9. (Ρώυτερ).— Ὁ Γιούρι Γκαγκάριν δήλωσεν ὅτι εἶναι ἕτοιμος νὰ ἐπιχειρήσῃ νέαν πτῆσιν εἰς τὸ διάστημα, ἐὰν αἱ δυνάμεις του τὸ ἐπιτρέψουν.

ΜΟΣΧΑ, 9. (Ρώυτερ).— Ὁ Γιούρι Γκαγκάριν δήλωσεν ὅτι εἶναι ἕτοιμος νὰ ἐπιχειρήσῃ νέαν πτῆσιν εἰς τὸ διάστημα, ἐὰν αἱ δυνάμεις του τὸ ἐπιτρέψουν.

ΠΑΡΑ ΤΗΝ ΜΕΓΑΛΗΝ ΠΑΡΑΓΩΓΗΝ ΡΟΔΑΚΙΝΩΝ ΔΕΝ ΘΑ ΚΑΤΑΣΤΗ ΔΥΝΑΤΟΝ ΝΑ ΕΞΑΧΘΟΥΝ ΠΡΟ ΤΩΝ ΠΡΩΪΜΩΝ ΙΤΑΛΙΚΩΝ ΕΙΣ ΕΥΡΩΠΗΝ

ΑΘΗΝΑΙ, 9.— Ἡ φετεινὴ παραγωγὴ ροδακίνων ὑπολογίζεται εἰς 68.000 τόννους. Ἐν τούτοις δὲν θὰ καταστῇ δυνατὸν νὰ ἐξαχθοῦν πρὸ τῶν πρωΐμων ἰταλικῶν.

ΑΘΗΝΑΙ, 9.— Ἡ φετεινὴ παραγωγὴ ροδακίνων ὑπολογίζεται εἰς 68.000 τόννους. Ἐν τούτοις δὲν θὰ καταστῇ δυνατὸν νὰ ἐξαχθοῦν πρὸ τῶν πρωΐμων ἰταλικῶν.

ΕΥΡΥΤΑΤΗΣ ΕΚΤΑΣΕΩΣ ΕΚΚΑΘΑΡΙΣΕΙΣ ΕΛΑΒΟΝ ΚΑΙ ΛΑΜΒΑΝΟΥΝ ΧΩΡΑΝ ΕΙΣ ΤΟΥΣ ΚΟΛΠΟΥΣ ΤΟΥ Κ.Κ. ΒΟΥΛΓΑΡΙΑΣ
Ἀπομακρύνονται οἱ ρεβιζιονισταί,
οἱ δογματισταί, οἱ προσωπολάτραι

ΠΑΡΙΣΙΟΙ, 9. (Ἀσσ. Πρές).— Τὸ βουλγαρικὸν πρακτορεῖον «ΜΠΤΑ» ἀνήγγειλεν ὅτι ἐλήφθησαν ἀποφάσεις διὰ τὴν ἐκκαθάρισιν στελεχῶν τοῦ Κομμουνιστικοῦ Κόμματος Βουλγαρίας.

ΠΑΡΙΣΙΟΙ, 9. (Ἀσσ. Πρές).— Τὸ βουλγαρικὸν πρακτορεῖον «ΜΠΤΑ» ἀνήγγειλεν ὅτι ἐλήφθησαν ἀποφάσεις διὰ τὴν ἐκκαθάρισιν στελεχῶν τοῦ Κομμουνιστικοῦ Κόμματος Βουλγαρίας.

ΚΟΜΜΑΤΙΚΗ ΠΕΙΘΑΡΧΙΑ

ΠΑΡΙΣΙΟΙ, 9. (Ἀσσ. Πρές).— Τὸ βουλγαρικὸν πρακτορεῖον «ΜΠΤΑ» ἀνήγγειλεν ὅτι ἐλήφθησαν ἀποφάσεις διὰ τὴν ἐκκαθάρισιν στελεχῶν τοῦ Κομμουνιστικοῦ Κόμματος Βουλγαρίας.

ΛΟΝΔΙΝΟΝ

ΠΑΡΙΣΙΟΙ, 9. (Ἀσσ. Πρές).— Τὸ βουλγαρικὸν πρακτορεῖον «ΜΠΤΑ» ἀνήγγειλεν ὅτι ἐλήφθησαν ἀποφάσεις διὰ τὴν ἐκκαθάρισιν στελεχῶν τοῦ Κομμουνιστικοῦ Κόμματος Βουλγαρίας.
